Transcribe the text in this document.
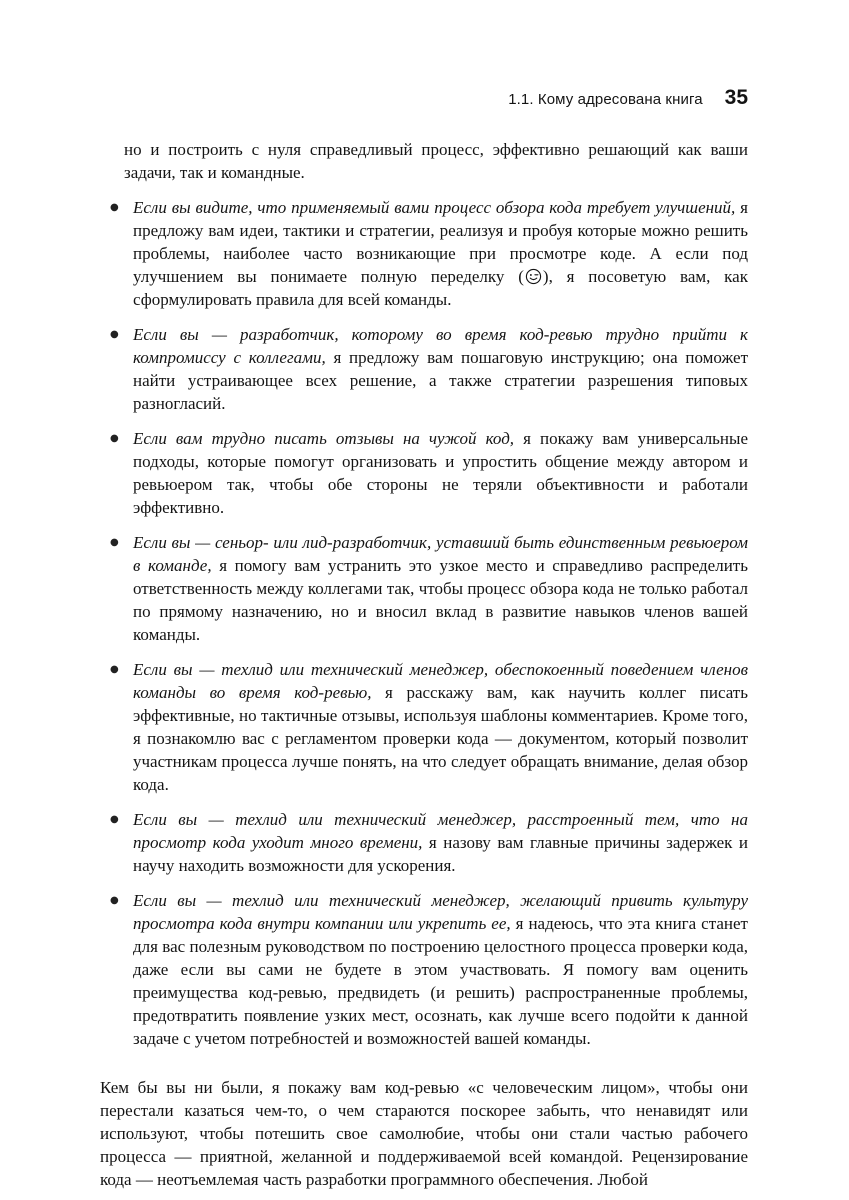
1.1. Кому адресована книга 35

но и построить с нуля справедливый процесс, эффективно решающий как ваши задачи, так и командные.

● Если вы видите, что применяемый вами процесс обзора кода требует улучшений, я предложу вам идеи, тактики и стратегии, реализуя и пробуя которые можно решить проблемы, наиболее часто возникающие при просмотре коде. А если под улучшением вы понимаете полную переделку ( ), я посоветую вам, как сформулировать правила для всей команды.

● Если вы — разработчик, которому во время код-ревью трудно прийти к компромиссу с коллегами, я предложу вам пошаговую инструкцию; она поможет найти устраивающее всех решение, а также стратегии разрешения типовых разногласий.

● Если вам трудно писать отзывы на чужой код, я покажу вам универсальные подходы, которые помогут организовать и упростить общение между автором и ревьюером так, чтобы обе стороны не теряли объективности и работали эффективно.

● Если вы — сеньор- или лид-разработчик, уставший быть единственным ревьюером в команде, я помогу вам устранить это узкое место и справедливо распределить ответственность между коллегами так, чтобы процесс обзора кода не только работал по прямому назначению, но и вносил вклад в развитие навыков членов вашей команды.

● Если вы — техлид или технический менеджер, обеспокоенный поведением членов команды во время код-ревью, я расскажу вам, как научить коллег писать эффективные, но тактичные отзывы, используя шаблоны комментариев. Кроме того, я познакомлю вас с регламентом проверки кода — документом, который позволит участникам процесса лучше понять, на что следует обращать внимание, делая обзор кода.

● Если вы — техлид или технический менеджер, расстроенный тем, что на просмотр кода уходит много времени, я назову вам главные причины задержек и научу находить возможности для ускорения.

● Если вы — техлид или технический менеджер, желающий привить культуру просмотра кода внутри компании или укрепить ее, я надеюсь, что эта книга станет для вас полезным руководством по построению целостного процесса проверки кода, даже если вы сами не будете в этом участвовать. Я помогу вам оценить преимущества код-ревью, предвидеть (и решить) распространенные проблемы, предотвратить появление узких мест, осознать, как лучше всего подойти к данной задаче с учетом потребностей и возможностей вашей команды.

Кем бы вы ни были, я покажу вам код-ревью «с человеческим лицом», чтобы они перестали казаться чем-то, о чем стараются поскорее забыть, что ненавидят или используют, чтобы потешить свое самолюбие, чтобы они стали частью рабочего процесса — приятной, желанной и поддерживаемой всей командой. Рецензирование кода — неотъемлемая часть разработки программного обеспечения. Любой
